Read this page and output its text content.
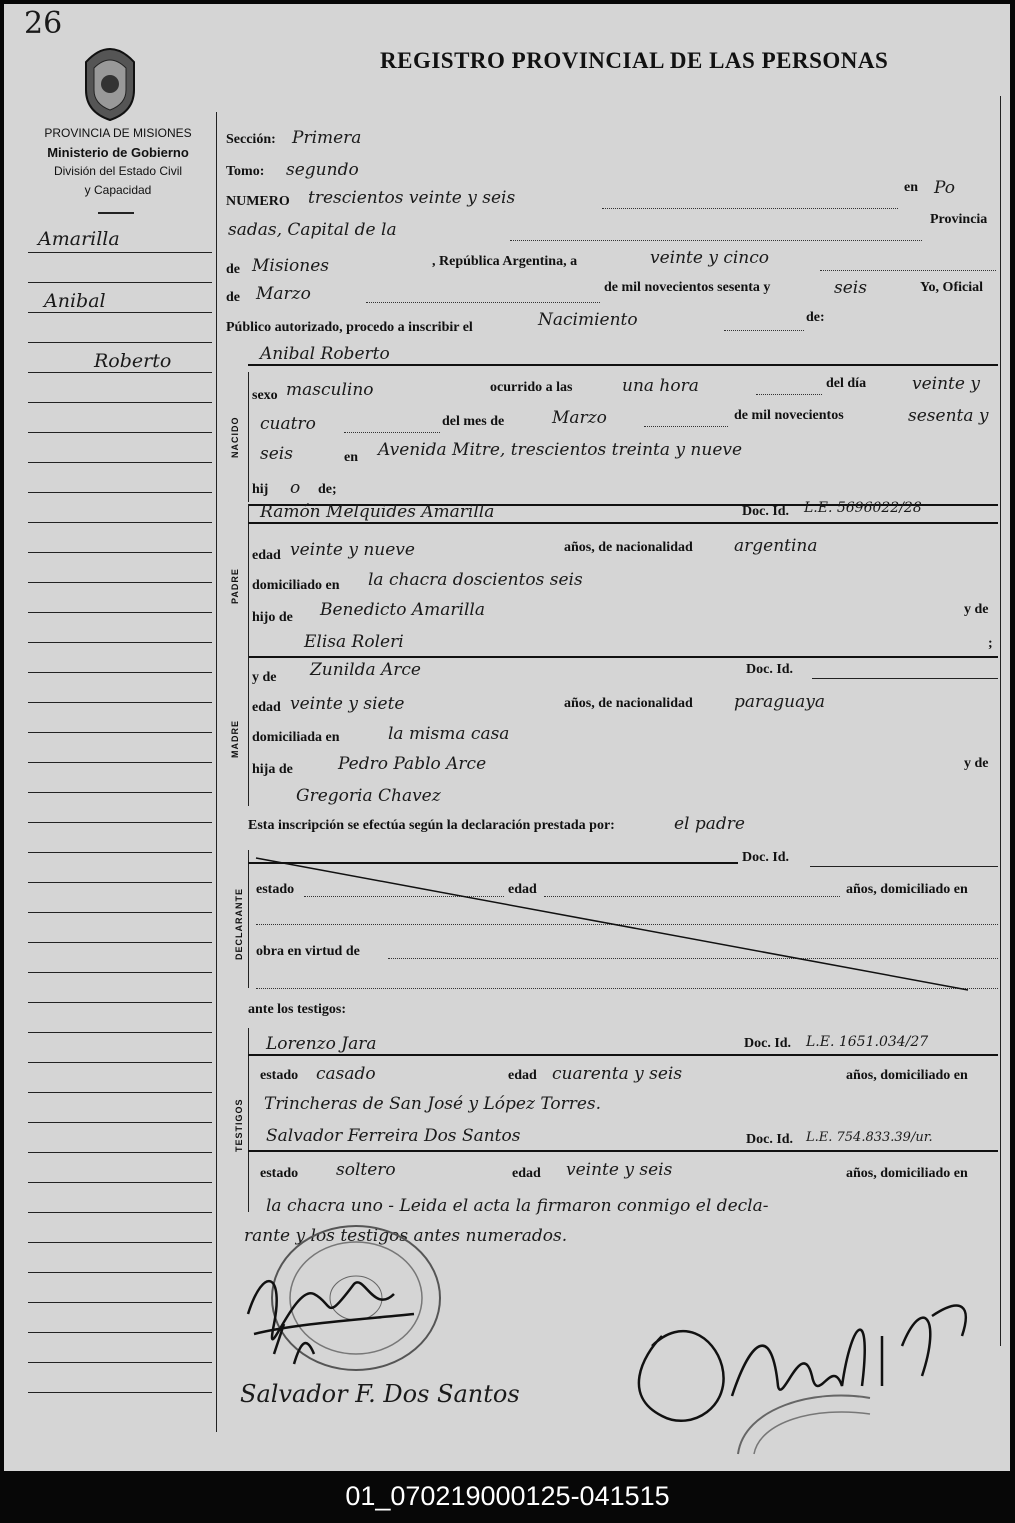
26
PROVINCIA DE MISIONES
Ministerio de Gobierno
División del Estado Civil
y Capacidad
REGISTRO PROVINCIAL DE LAS PERSONAS
Amarilla
Anibal
Roberto
Sección: Primera
Tomo: segundo
NUMERO trescientos veinte y seis
en Po
sadas, Capital de la
Provincia
de Misiones	, República Argentina, a	veinte y cinco
de Marzo	de mil novecientos sesenta y	seis	Yo, Oficial
Público autorizado, procedo a inscribir el	Nacimiento	de:
NACIDO
Anibal Roberto
sexo masculino	ocurrido a las	una hora	del día	veinte y
cuatro	del mes de	Marzo	de mil novecientos	sesenta y
seis	en Avenida Mitre, trescientos treinta y nueve
hij o de;
PADRE
Ramón Melquides Amarilla	Doc. Id. L.E. 5696022/28
edad veinte y nueve	años, de nacionalidad argentina
domiciliado en la chacra doscientos seis
hijo de Benedicto Amarilla	y de
Elisa Roleri	;
MADRE
y de Zunilda Arce	Doc. Id.
edad veinte y siete	años, de nacionalidad paraguaya
domiciliada en	la misma casa
hija de	Pedro Pablo Arce	y de
Gregoria Chavez
Esta inscripción se efectúa según la declaración prestada por:	el padre
DECLARANTE
Doc. Id.
estado	edad	años, domiciliado en
obra en virtud de
ante los testigos:
TESTIGOS
Lorenzo Jara	Doc. Id. L.E. 1651.034/27
estado casado	edad cuarenta y seis	años, domiciliado en
Trincheras de San José y López Torres.
Salvador Ferreira Dos Santos	Doc. Id. L.E. 754.833.39/ur.
estado soltero	edad veinte y seis	años, domiciliado en
la chacra uno - Leida el acta la firmaron conmigo el decla-
rante y los testigos antes numerados.
Salvador F. Dos Santos
01_070219000125-041515
